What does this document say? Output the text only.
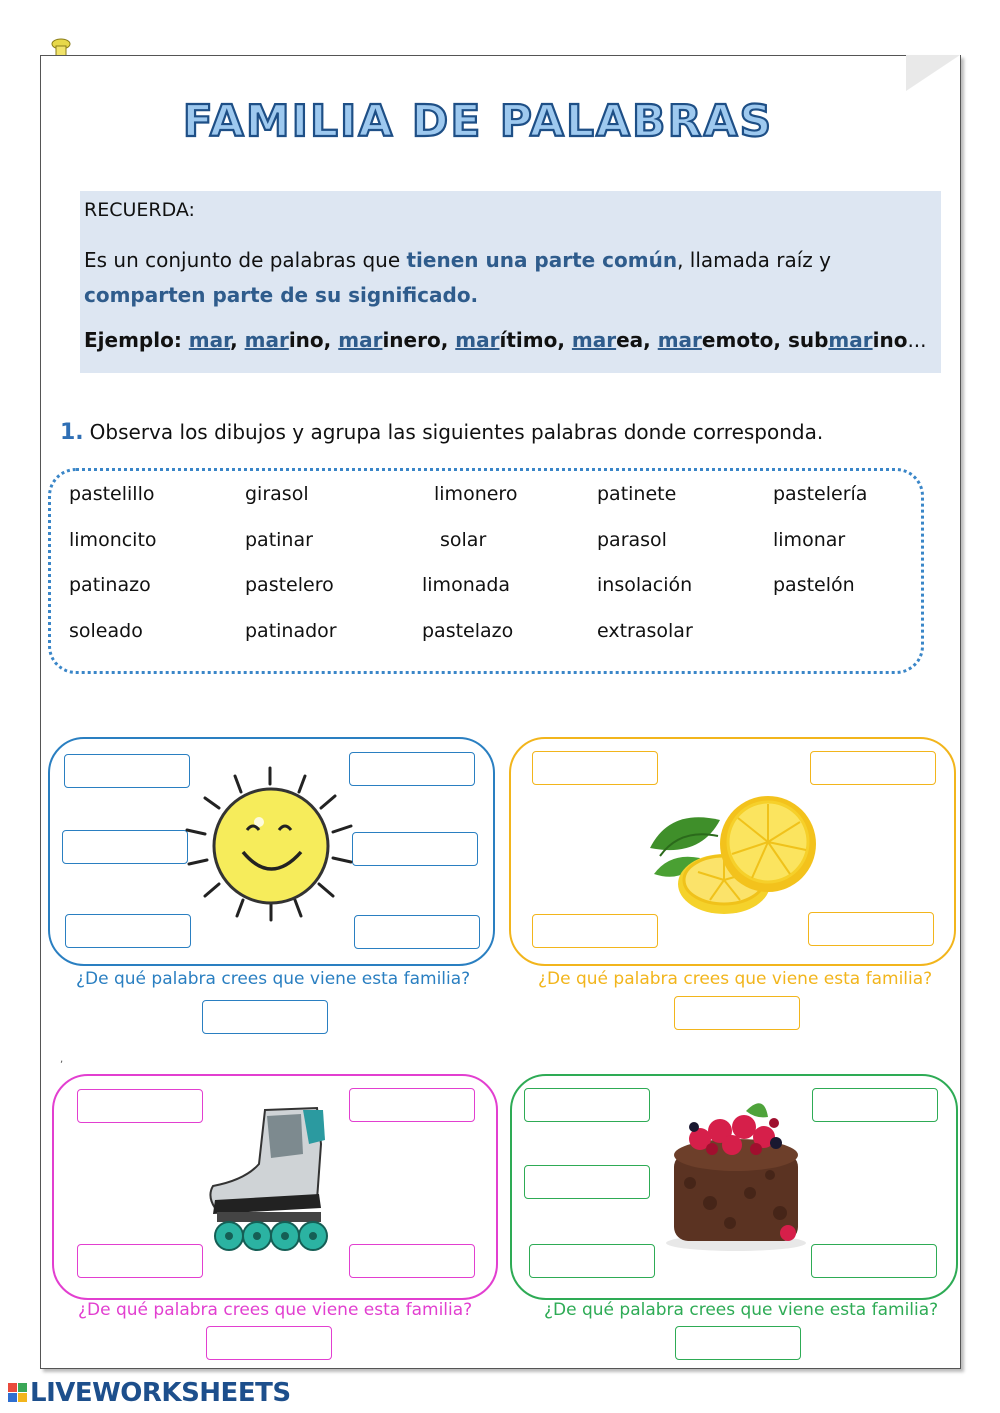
FAMILIA DE PALABRAS
RECUERDA:
Es un conjunto de palabras que tienen una parte común, llamada raíz y comparten parte de su significado.
Ejemplo: mar, marino, marinero, marítimo, marea, maremoto, submarino...
1. Observa los dibujos y agrupa las siguientes palabras donde corresponda.
pastelillo	girasol	limonero	patinete	pastelería
limoncito	patinar	solar	parasol	limonar
patinazo	pastelero	limonada	insolación	pastelón
soleado	patinador	pastelazo	extrasolar
,
¿De qué palabra crees que viene esta familia?	¿De qué palabra crees que viene esta familia?
¿De qué palabra crees que viene esta familia?	¿De qué palabra crees que viene esta familia?
LIVEWORKSHEETS
